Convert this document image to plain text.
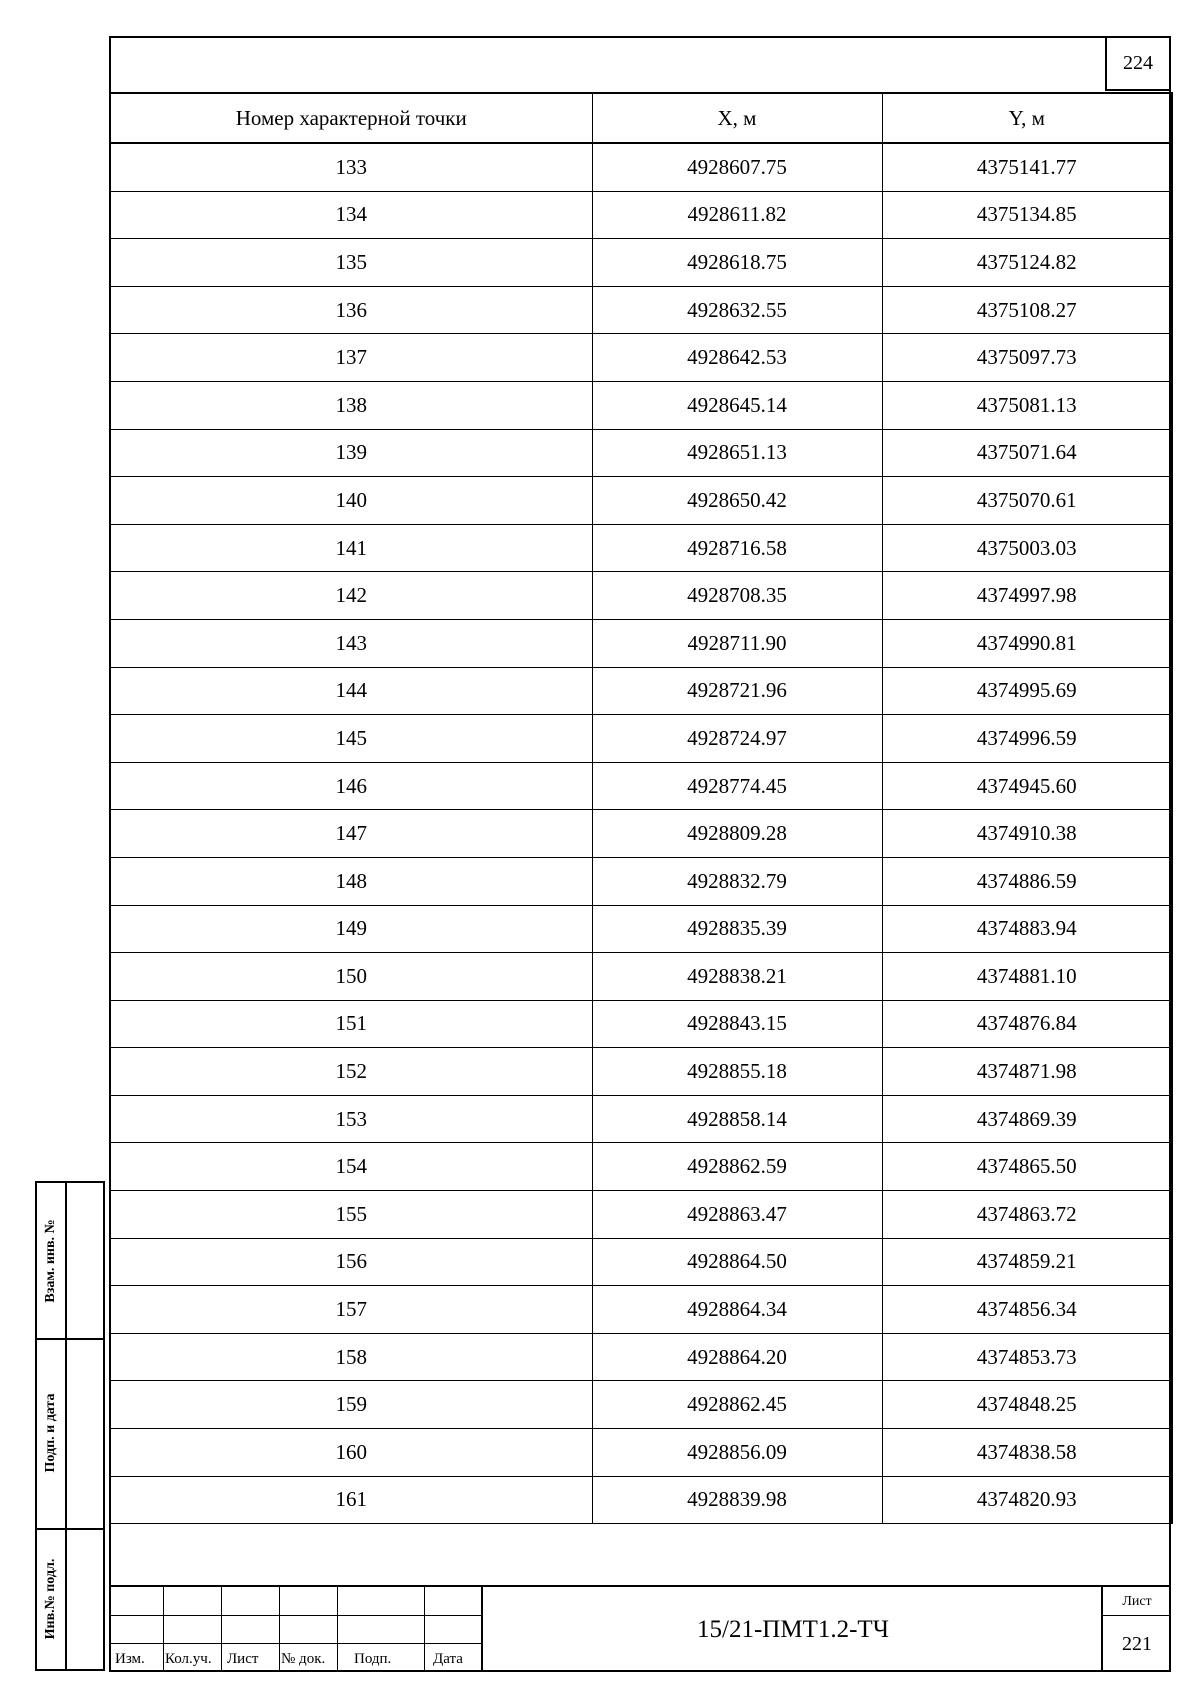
224
Номер характерной точки	X, м	Y, м
133	4928607.75	4375141.77
134	4928611.82	4375134.85
135	4928618.75	4375124.82
136	4928632.55	4375108.27
137	4928642.53	4375097.73
138	4928645.14	4375081.13
139	4928651.13	4375071.64
140	4928650.42	4375070.61
141	4928716.58	4375003.03
142	4928708.35	4374997.98
143	4928711.90	4374990.81
144	4928721.96	4374995.69
145	4928724.97	4374996.59
146	4928774.45	4374945.60
147	4928809.28	4374910.38
148	4928832.79	4374886.59
149	4928835.39	4374883.94
150	4928838.21	4374881.10
151	4928843.15	4374876.84
152	4928855.18	4374871.98
153	4928858.14	4374869.39
154	4928862.59	4374865.50
155	4928863.47	4374863.72
156	4928864.50	4374859.21
157	4928864.34	4374856.34
158	4928864.20	4374853.73
159	4928862.45	4374848.25
160	4928856.09	4374838.58
161	4928839.98	4374820.93
Изм. Кол.уч. Лист № док. Подп.	Дата
15/21-ПМТ1.2-ТЧ
Лист
221
Взам. инв. №
Подп. и дата
Инв.№ подл.
